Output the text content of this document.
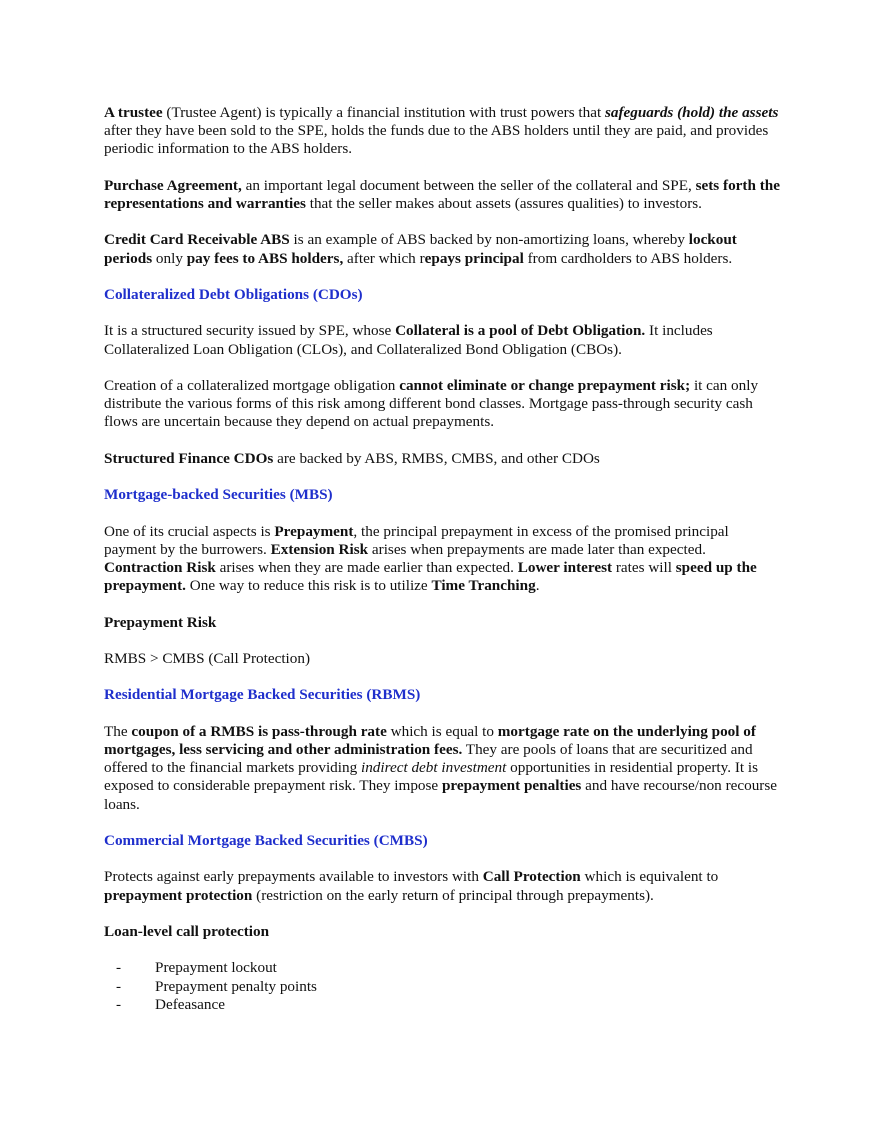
A trustee (Trustee Agent) is typically a financial institution with trust powers that safeguards (hold) the assets after they have been sold to the SPE, holds the funds due to the ABS holders until they are paid, and provides periodic information to the ABS holders.

Purchase Agreement, an important legal document between the seller of the collateral and SPE, sets forth the representations and warranties that the seller makes about assets (assures qualities) to investors.

Credit Card Receivable ABS is an example of ABS backed by non-amortizing loans, whereby lockout periods only pay fees to ABS holders, after which repays principal from cardholders to ABS holders.

Collateralized Debt Obligations (CDOs)

It is a structured security issued by SPE, whose Collateral is a pool of Debt Obligation. It includes Collateralized Loan Obligation (CLOs), and Collateralized Bond Obligation (CBOs).

Creation of a collateralized mortgage obligation cannot eliminate or change prepayment risk; it can only distribute the various forms of this risk among different bond classes. Mortgage pass-through security cash flows are uncertain because they depend on actual prepayments.

Structured Finance CDOs are backed by ABS, RMBS, CMBS, and other CDOs

Mortgage-backed Securities (MBS)

One of its crucial aspects is Prepayment, the principal prepayment in excess of the promised principal payment by the burrowers. Extension Risk arises when prepayments are made later than expected. Contraction Risk arises when they are made earlier than expected. Lower interest rates will speed up the prepayment. One way to reduce this risk is to utilize Time Tranching.

Prepayment Risk

RMBS > CMBS (Call Protection)

Residential Mortgage Backed Securities (RBMS)

The coupon of a RMBS is pass-through rate which is equal to mortgage rate on the underlying pool of mortgages, less servicing and other administration fees. They are pools of loans that are securitized and offered to the financial markets providing indirect debt investment opportunities in residential property. It is exposed to considerable prepayment risk. They impose prepayment penalties and have recourse/non recourse loans.

Commercial Mortgage Backed Securities (CMBS)

Protects against early prepayments available to investors with Call Protection which is equivalent to prepayment protection (restriction on the early return of principal through prepayments).

Loan-level call protection

- Prepayment lockout
- Prepayment penalty points
- Defeasance
